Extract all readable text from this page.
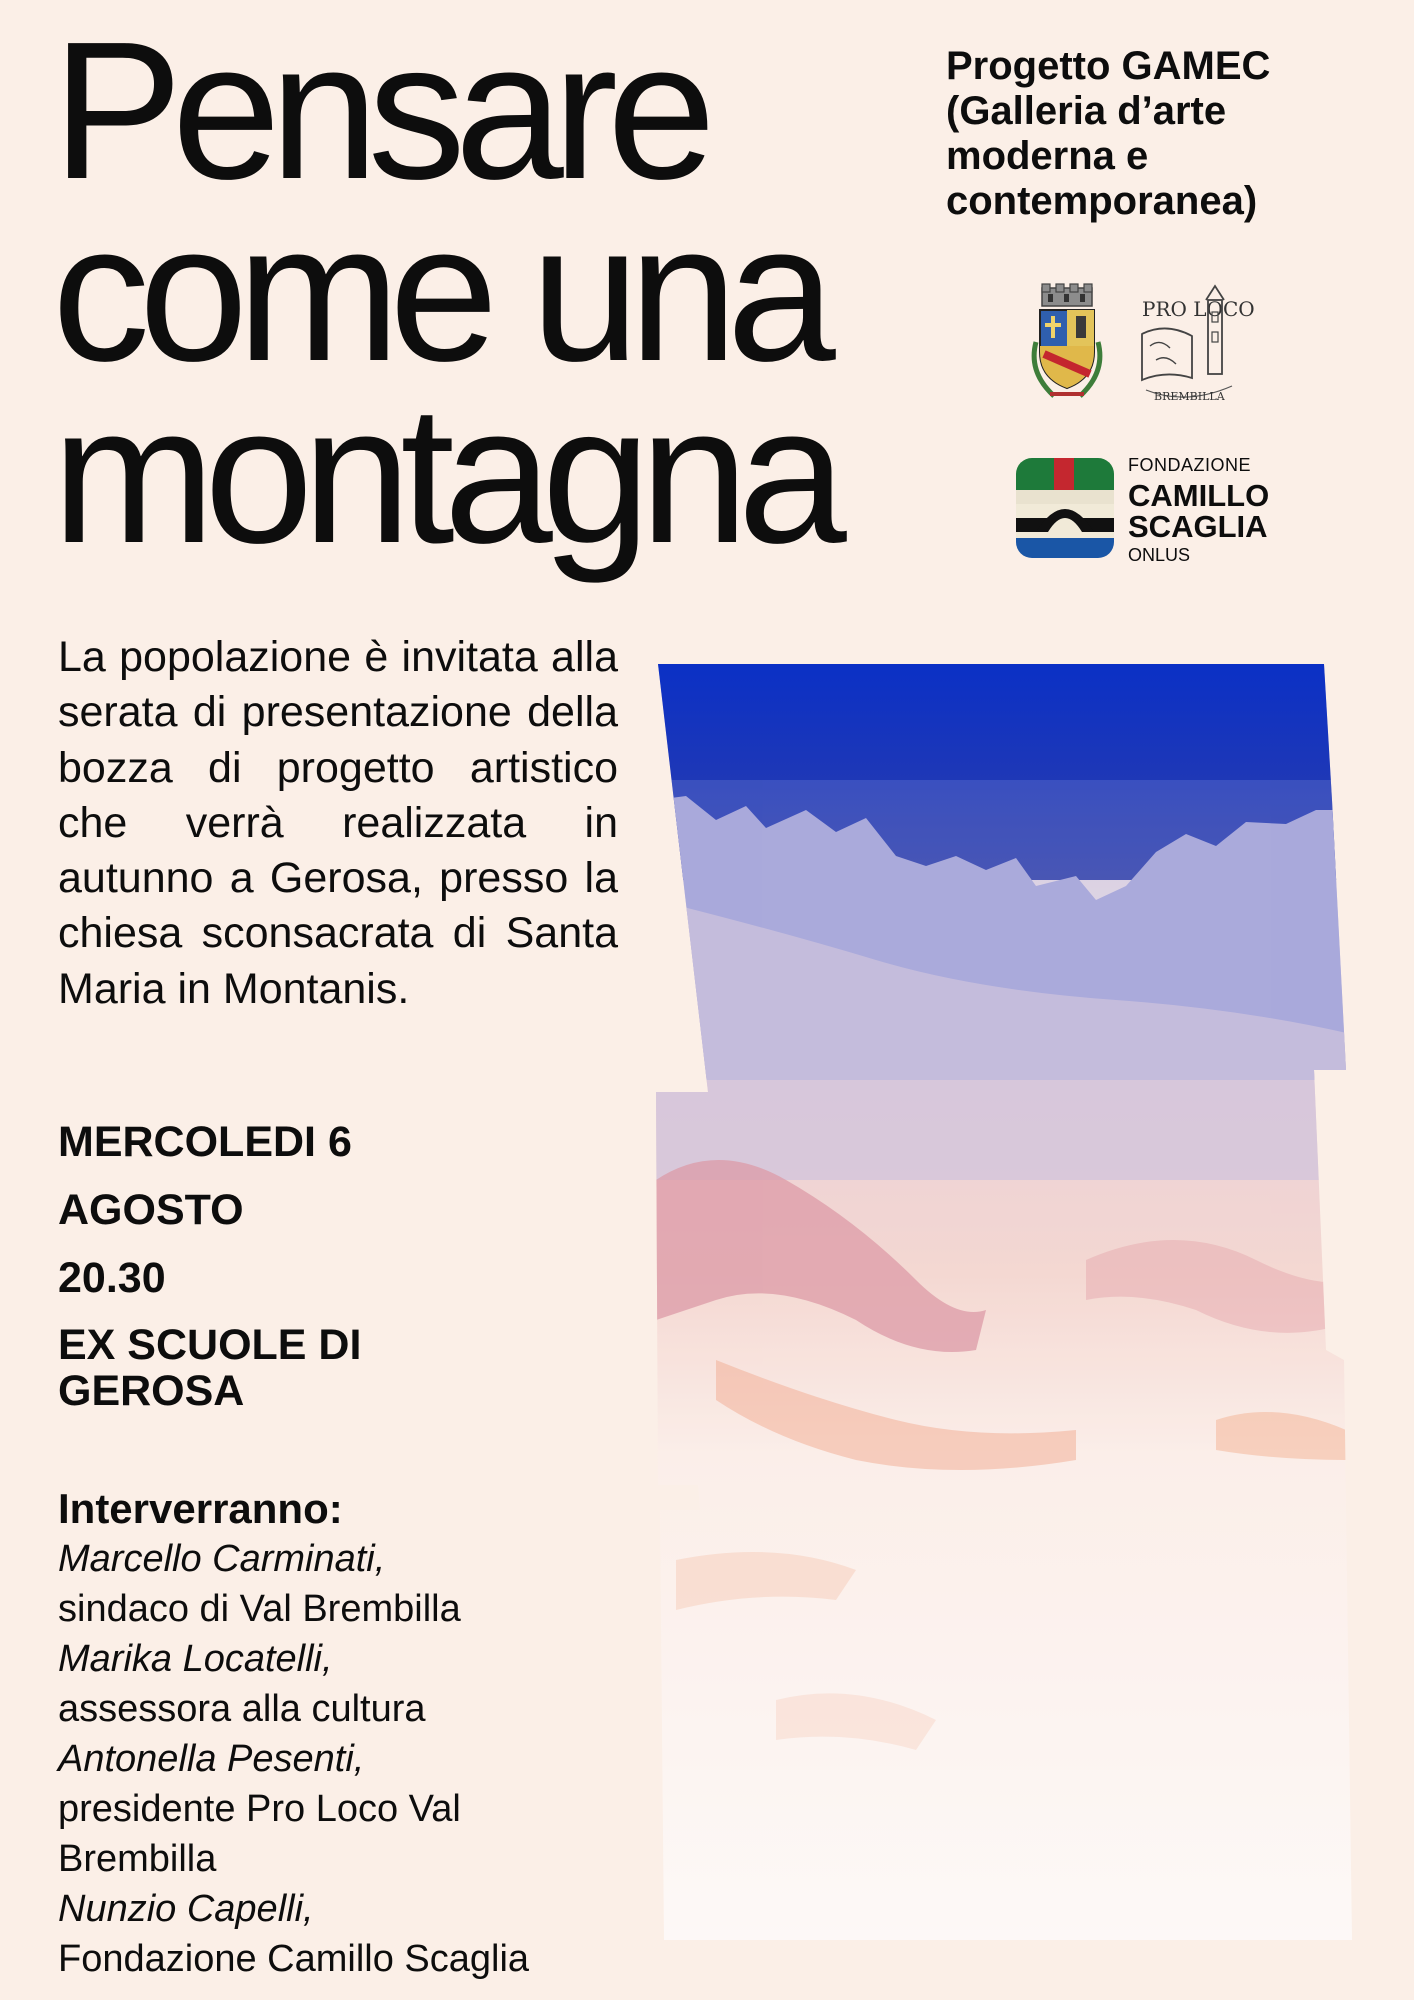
Pensare
come una
montagna
Progetto GAMEC
(Galleria d’arte
moderna e
contemporanea)
PRO LOCO
BREMBILLA
FONDAZIONE
CAMILLO
SCAGLIA
ONLUS

La popolazione è invitata alla serata di presentazione della bozza di progetto artistico che verrà realizzata in autunno a Gerosa, presso la chiesa sconsacrata di Santa Maria in Montanis.

MERCOLEDI 6
AGOSTO
20.30
EX SCUOLE DI
GEROSA
Interverranno:
Marcello Carminati,
sindaco di Val Brembilla
Marika Locatelli,
assessora alla cultura
Antonella Pesenti,
presidente Pro Loco Val Brembilla
Nunzio Capelli,
Fondazione Camillo Scaglia
